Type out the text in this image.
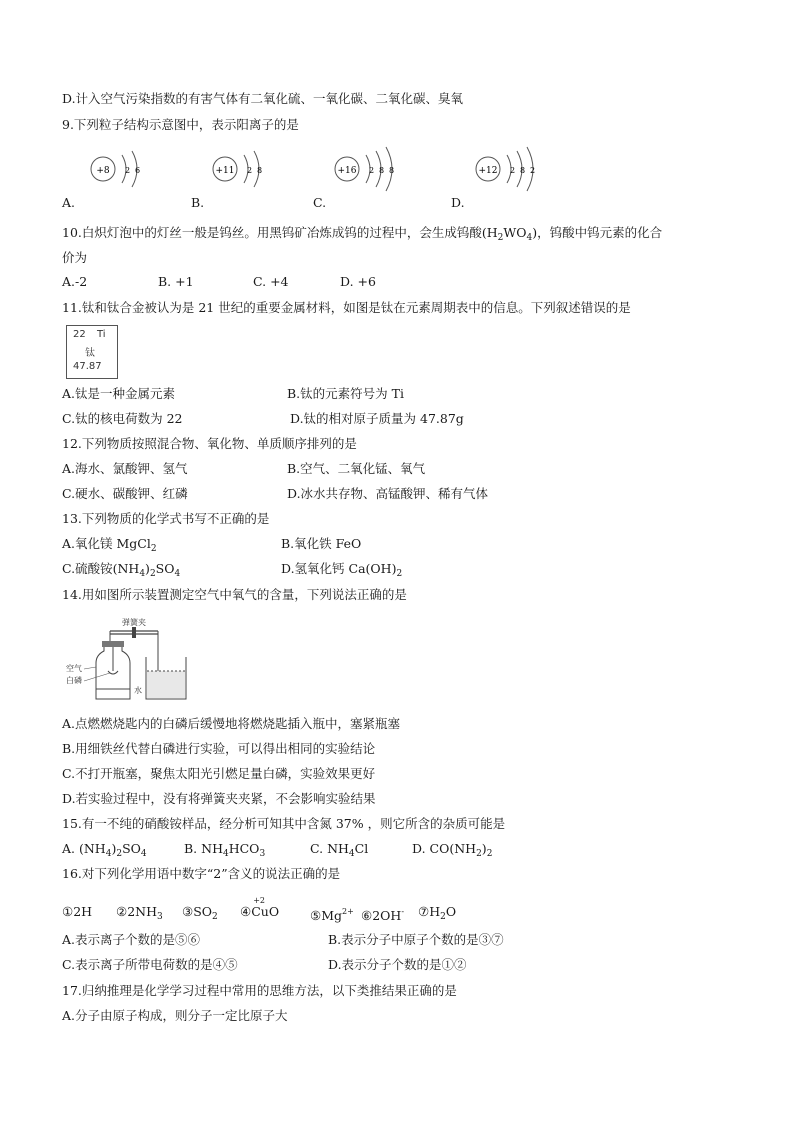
D.计入空气污染指数的有害气体有二氧化硫、一氧化碳、二氧化碳、臭氧
9.下列粒子结构示意图中，表示阳离子的是
+8 2 6	+11 2 8	+16 2 8 8	+12 2 8 2
A.	B.	C.	D.
10.白炽灯泡中的灯丝一般是钨丝。用黑钨矿冶炼成钨的过程中，会生成钨酸$(H_2WO_4)$，钨酸中钨元素的化合
价为
A.-2	B. +1	C. +4	D. +6
11.钛和钛合金被认为是 21 世纪的重要金属材料，如图是钛在元素周期表中的信息。下列叙述错误的是
22 Ti
钛
47.87
A.钛是一种金属元素	B.钛的元素符号为 Ti
C.钛的核电荷数为 22	D.钛的相对原子质量为 47.87g
12.下列物质按照混合物、氧化物、单质顺序排列的是
A.海水、氯酸钾、氢气	B.空气、二氧化锰、氧气
C.硬水、碳酸钾、红磷	D.冰水共存物、高锰酸钾、稀有气体
13.下列物质的化学式书写不正确的是
A.氧化镁 MgCl$_2$	B.氧化铁 FeO
C.硫酸铵$(NH_4)_2SO_4$	D.氢氧化钙 $Ca(OH)_2$
14.用如图所示装置测定空气中氧气的含量，下列说法正确的是
弹簧夹
空气
白磷
水
A.点燃燃烧匙内的白磷后缓慢地将燃烧匙插入瓶中，塞紧瓶塞
B.用细铁丝代替白磷进行实验，可以得出相同的实验结论
C.不打开瓶塞，聚焦太阳光引燃足量白磷，实验效果更好
D.若实验过程中，没有将弹簧夹夹紧，不会影响实验结果
15.有一不纯的硝酸铵样品，经分析可知其中含氮 37% ，则它所含的杂质可能是
A. $(NH_4)_2SO_4$	B. $NH_4HCO_3$	C. $NH_4Cl$	D. $CO(NH_2)_2$
16.对下列化学用语中数字“2”含义的说法正确的是
①2H $②2NH_3$ $③SO_2$ ④
+2
CuO $⑤Mg^{2+}$ ⑥2OH- $⑦H_2O$
A.表示离子个数的是⑤⑥	B.表示分子中原子个数的是③⑦
C.表示离子所带电荷数的是④⑤	D.表示分子个数的是①②
17.归纳推理是化学学习过程中常用的思维方法，以下类推结果正确的是
A.分子由原子构成，则分子一定比原子大
